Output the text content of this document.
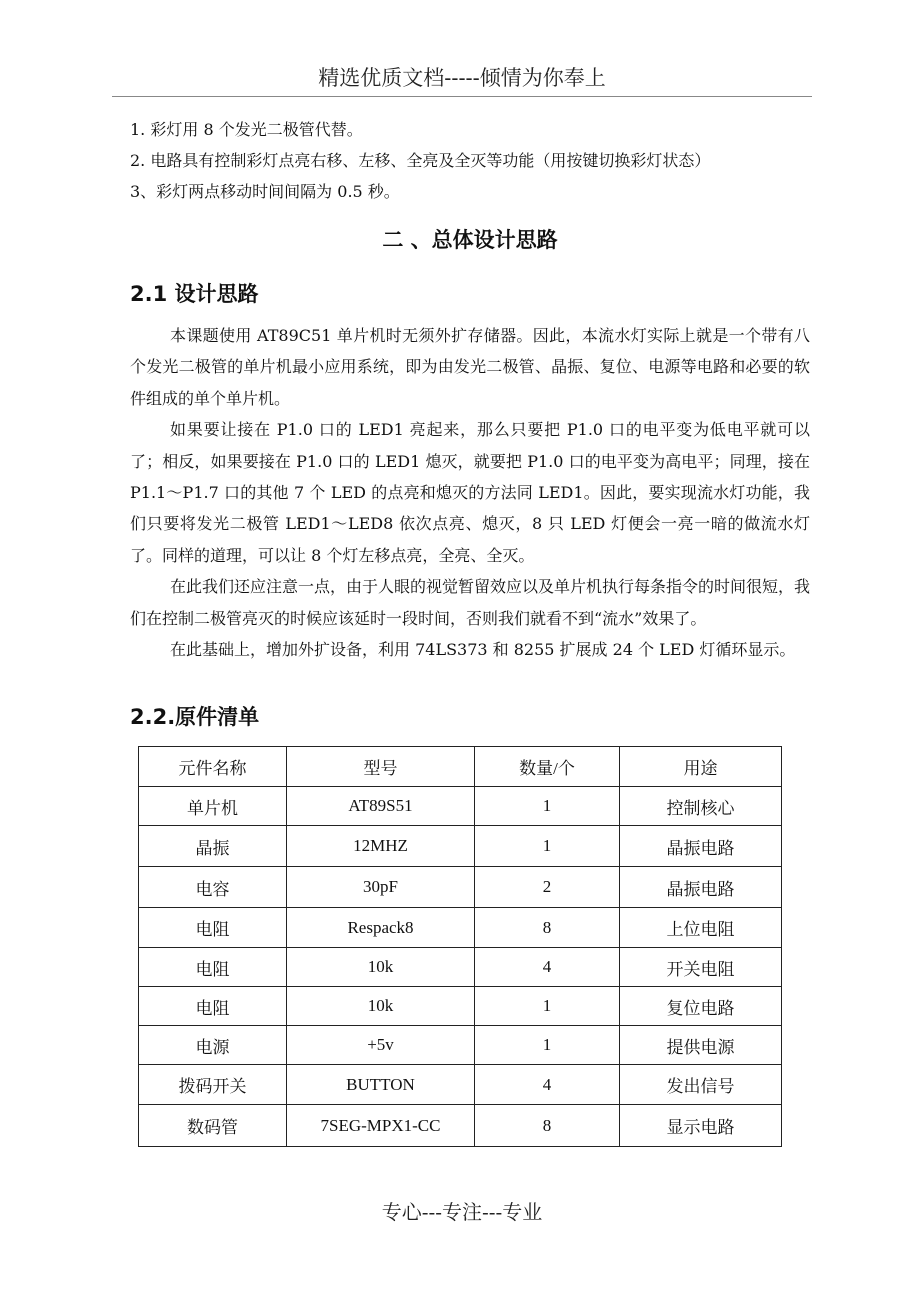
精选优质文档-----倾情为你奉上
1. 彩灯用 8 个发光二极管代替。
2. 电路具有控制彩灯点亮右移、左移、全亮及全灭等功能（用按键切换彩灯状态）
3、彩灯两点移动时间间隔为 0.5 秒。
二 、总体设计思路
2.1 设计思路

本课题使用 AT89C51 单片机时无须外扩存储器。因此，本流水灯实际上就是一个带有八个发光二极管的单片机最小应用系统，即为由发光二极管、晶振、复位、电源等电路和必要的软件组成的单个单片机。

如果要让接在 P1.0 口的 LED1 亮起来，那么只要把 P1.0 口的电平变为低电平就可以了；相反，如果要接在 P1.0 口的 LED1 熄灭，就要把 P1.0 口的电平变为高电平；同理，接在 P1.1～P1.7 口的其他 7 个 LED 的点亮和熄灭的方法同 LED1。因此，要实现流水灯功能，我们只要将发光二极管 LED1～LED8 依次点亮、熄灭，8 只 LED 灯便会一亮一暗的做流水灯了。同样的道理，可以让 8 个灯左移点亮，全亮、全灭。

在此我们还应注意一点，由于人眼的视觉暂留效应以及单片机执行每条指令的时间很短，我们在控制二极管亮灭的时候应该延时一段时间，否则我们就看不到“流水”效果了。

在此基础上，增加外扩设备，利用 74LS373 和 8255 扩展成 24 个 LED 灯循环显示。

2.2.原件清单
元件名称	型号	数量/个	用途
单片机	AT89S51	1	控制核心
晶振	12MHZ	1	晶振电路
电容	30pF	2	晶振电路
电阻	Respack8	8	上位电阻
电阻	10k	4	开关电阻
电阻	10k	1	复位电路
电源	+5v	1	提供电源
拨码开关	BUTTON	4	发出信号
数码管	7SEG-MPX1-CC	8	显示电路
专心---专注---专业
